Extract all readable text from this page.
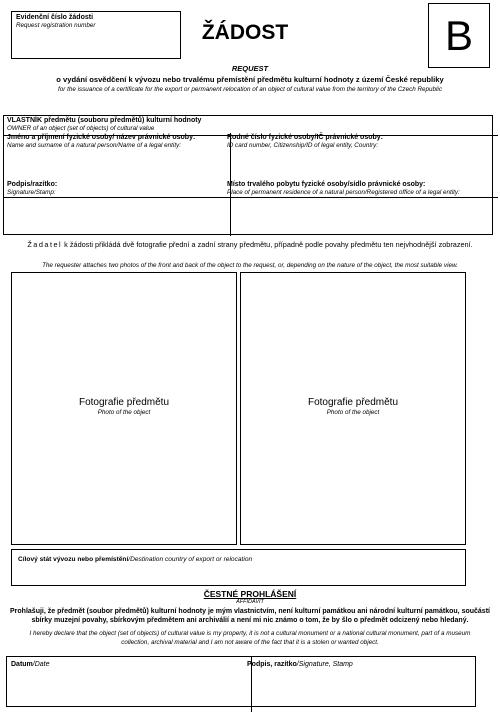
Evidenční číslo žádosti
Request registration number	ŽÁDOST	B
REQUEST
o vydání osvědčení k vývozu nebo trvalému přemístění předmětu kulturní hodnoty z území České republiky
for the issuance of a certificate for the export or permanent relocation of an object of cultural value from the territory of the Czech Republic
VLASTNÍK předmětu (souboru předmětů) kulturní hodnoty
OWNER of an object (set of objects) of cultural value
Jméno a příjmení fyzické osoby/ název právnické osoby:
Name and surname of a natural person/Name of a legal entity:
Rodné číslo fyzické osoby/IČ právnické osoby:
ID card number, Citizenship/ID of legal entity, Country:
Podpis/razítko:
Signature/Stamp:
Místo trvalého pobytu fyzické osoby/sídlo právnické osoby:
Place of permanent residence of a natural person/Registered office of a legal entity:
Žadatel k žádosti přikládá dvě fotografie přední a zadní strany předmětu, případně podle povahy předmětu ten nejvhodnější zobrazení.
The requester attaches two photos of the front and back of the object to the request, or, depending on the nature of the object, the most suitable view.
Fotografie předmětu
Photo of the object
Fotografie předmětu
Photo of the object
Cílový stát vývozu nebo přemístění/Destination country of export or relocation
ČESTNÉ PROHLÁŠENÍ
AFFIDAVIT
Prohlašuji, že předmět (soubor předmětů) kulturní hodnoty je mým vlastnictvím, není kulturní památkou ani národní kulturní památkou, součástí sbírky muzejní povahy, sbírkovým předmětem ani archiválií a není mi nic známo o tom, že by šlo o předmět odcizený nebo hledaný.
I hereby declare that the object (set of objects) of cultural value is my property, it is not a cultural monument or a national cultural monument, part of a museum collection, archival material and I am not aware of the fact that it is a stolen or wanted object.
Datum/Date	Podpis, razítko/Signature, Stamp
